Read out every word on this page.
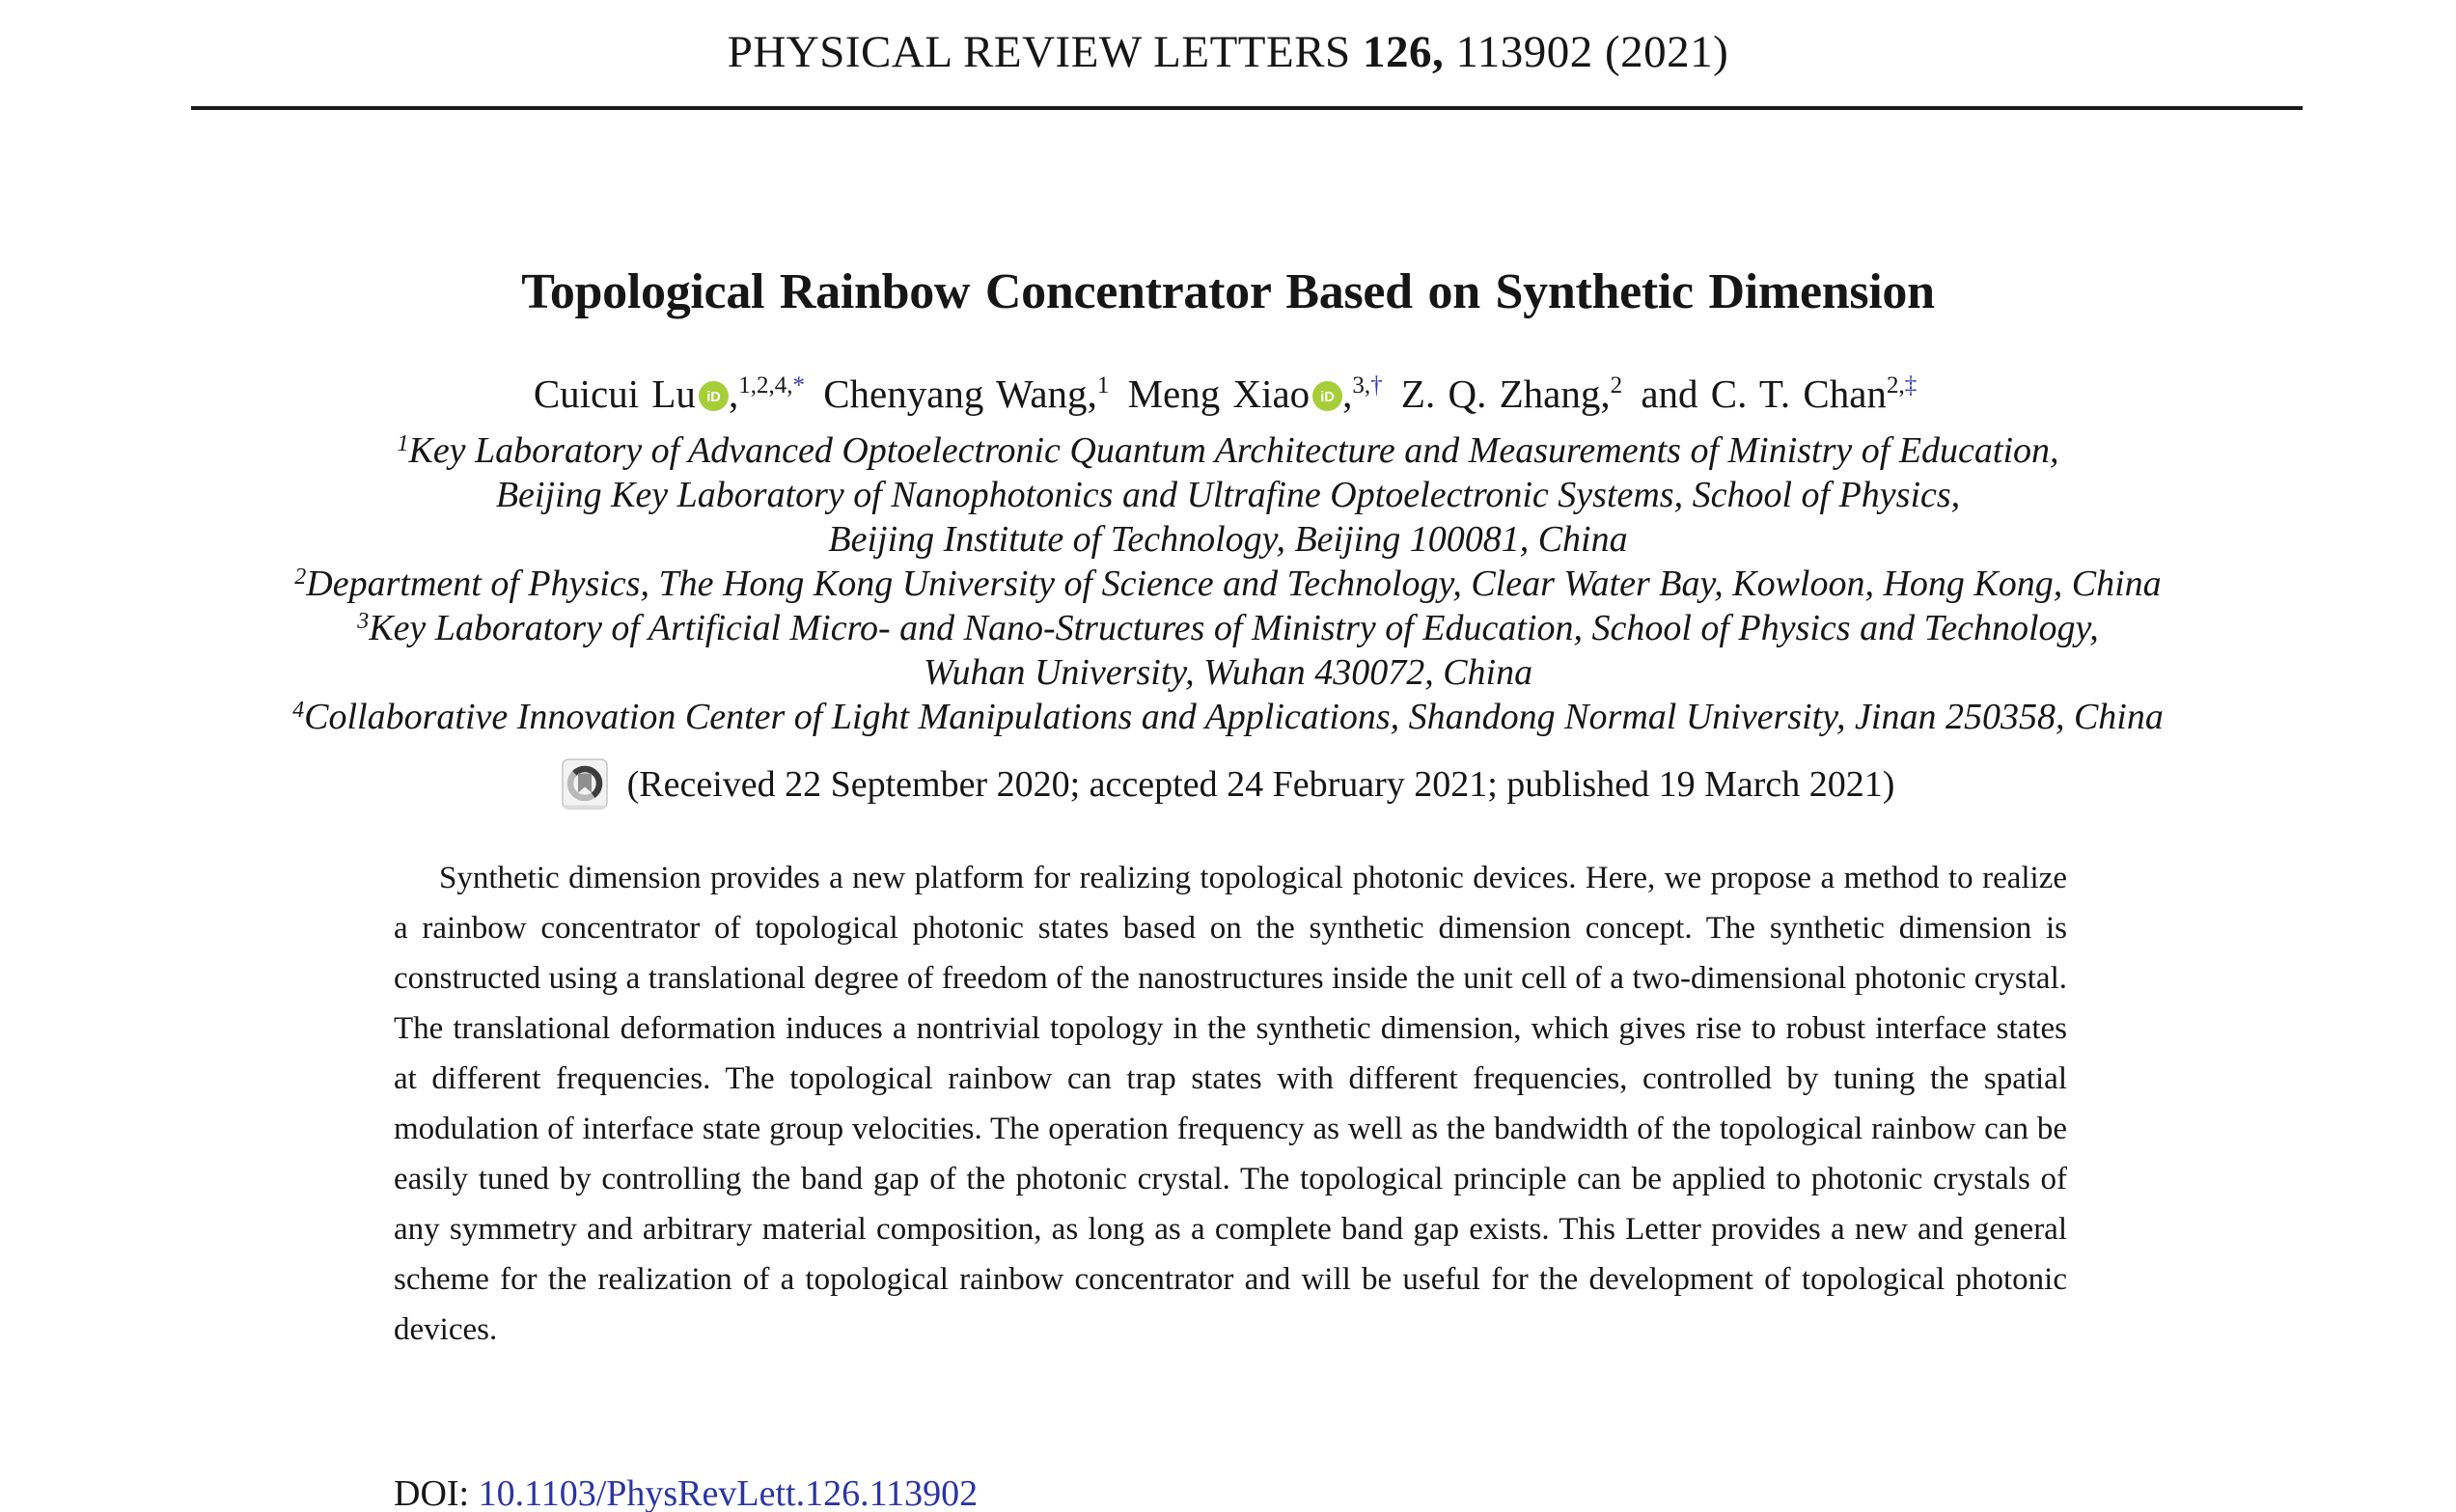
PHYSICAL REVIEW LETTERS 126, 113902 (2021)
Topological Rainbow Concentrator Based on Synthetic Dimension
Cuicui Lu iD ,$^{1,2,4,*}$ Chenyang Wang,$^1$ Meng Xiao iD ,$^{3,\dagger}$ Z. Q. Zhang,$^2$ and C. T. Chan$^{2,\ddagger}$
$^1$Key Laboratory of Advanced Optoelectronic Quantum Architecture and Measurements of Ministry of Education,
Beijing Key Laboratory of Nanophotonics and Ultrafine Optoelectronic Systems, School of Physics,
Beijing Institute of Technology, Beijing 100081, China
$^2$Department of Physics, The Hong Kong University of Science and Technology, Clear Water Bay, Kowloon, Hong Kong, China
$^3$Key Laboratory of Artificial Micro- and Nano-Structures of Ministry of Education, School of Physics and Technology,
Wuhan University, Wuhan 430072, China
$^4$Collaborative Innovation Center of Light Manipulations and Applications, Shandong Normal University, Jinan 250358, China
(Received 22 September 2020; accepted 24 February 2021; published 19 March 2021)
Synthetic dimension provides a new platform for realizing topological photonic devices. Here, we propose a method to realize a rainbow concentrator of topological photonic states based on the synthetic dimension concept. The synthetic dimension is constructed using a translational degree of freedom of the nanostructures inside the unit cell of a two-dimensional photonic crystal. The translational deformation induces a nontrivial topology in the synthetic dimension, which gives rise to robust interface states at different frequencies. The topological rainbow can trap states with different frequencies, controlled by tuning the spatial modulation of interface state group velocities. The operation frequency as well as the bandwidth of the topological rainbow can be easily tuned by controlling the band gap of the photonic crystal. The topological principle can be applied to photonic crystals of any symmetry and arbitrary material composition, as long as a complete band gap exists. This Letter provides a new and general scheme for the realization of a topological rainbow concentrator and will be useful for the development of topological photonic devices.
DOI: 10.1103/PhysRevLett.126.113902
